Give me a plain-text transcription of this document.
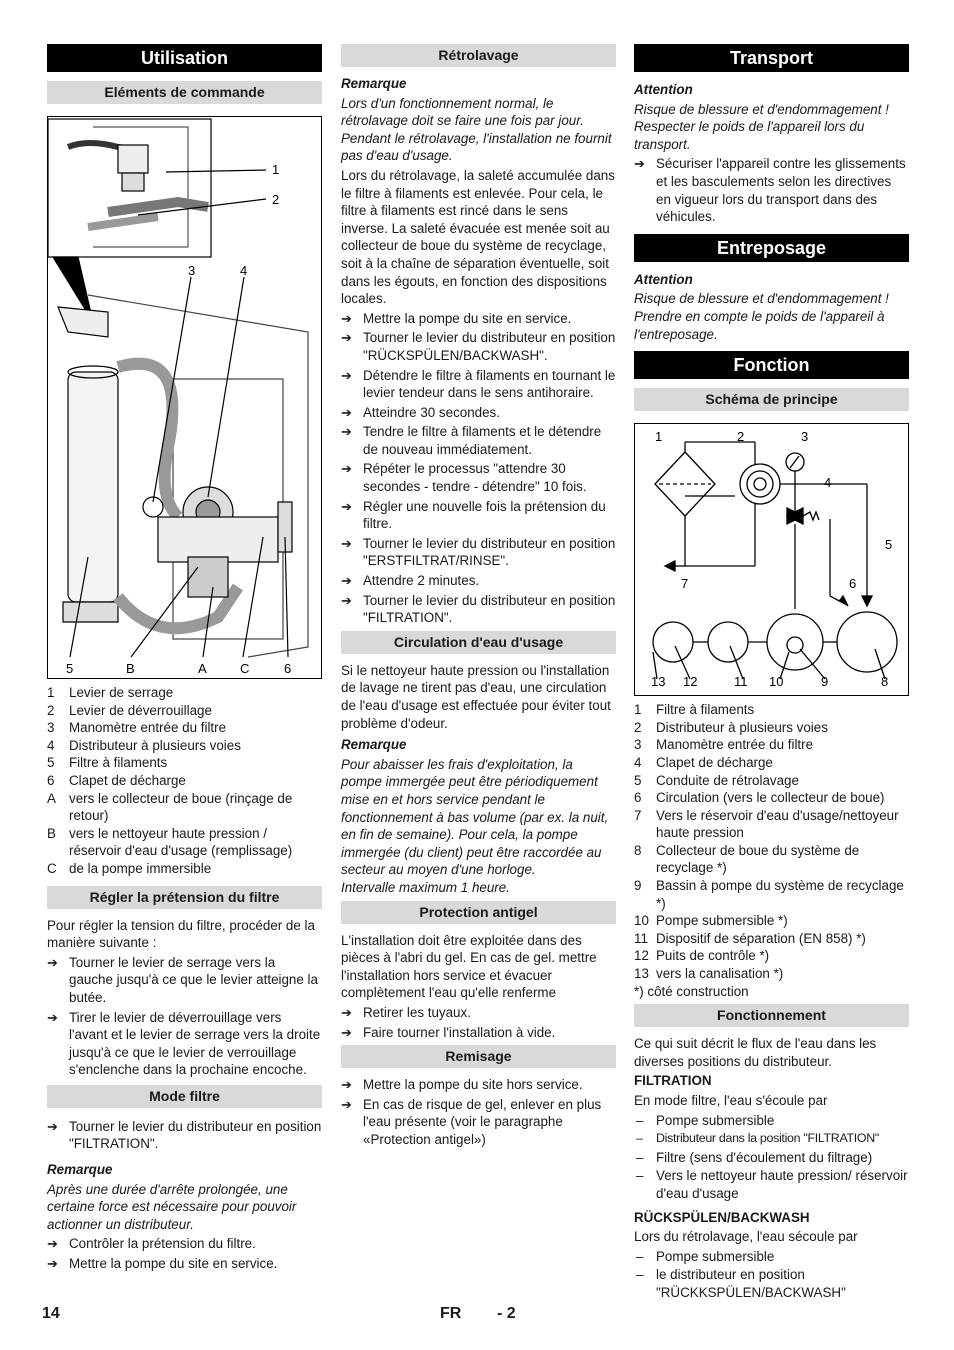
Utilisation
Eléments de commande
1
2
3	4
5	B	A	C	6
1 Levier de serrage
2 Levier de déverrouillage
3 Manomètre entrée du filtre
4 Distributeur à plusieurs voies
5 Filtre à filaments
6 Clapet de décharge
A vers le collecteur de boue (rinçage de retour)
B vers le nettoyeur haute pression / réservoir d'eau d'usage (remplissage)
C de la pompe immersible
Régler la prétension du filtre

Pour régler la tension du filtre, procéder de la manière suivante :

➔ Tourner le levier de serrage vers la gauche jusqu'à ce que le levier atteigne la butée.
➔ Tirer le levier de déverrouillage vers l'avant et le levier de serrage vers la droite jusqu'à ce que le levier de verrouillage s'enclenche dans la prochaine encoche.
Mode filtre
➔ Tourner le levier du distributeur en position "FILTRATION".

Remarque

Après une durée d'arrête prolongée, une certaine force est nécessaire pour pouvoir actionner un distributeur.

➔ Contrôler la prétension du filtre.
➔ Mettre la pompe du site en service.
Rétrolavage

Remarque

Lors d'un fonctionnement normal, le rétrolavage doit se faire une fois par jour. Pendant le rétrolavage, l'installation ne fournit pas d'eau d'usage.

Lors du rétrolavage, la saleté accumulée dans le filtre à filaments est enlevée. Pour cela, le filtre à filaments est rincé dans le sens inverse. La saleté évacuée est menée soit au collecteur de boue du système de recyclage, soit à la chaîne de séparation éventuelle, soit dans les égouts, en fonction des dispositions locales.

➔ Mettre la pompe du site en service.
➔ Tourner le levier du distributeur en position "RÜCKSPÜLEN/BACKWASH".
➔ Détendre le filtre à filaments en tournant le levier tendeur dans le sens antihoraire.
➔ Atteindre 30 secondes.
➔ Tendre le filtre à filaments et le détendre de nouveau immédiatement.
➔ Répéter le processus "attendre 30 secondes - tendre - détendre" 10 fois.
➔ Régler une nouvelle fois la prétension du filtre.
➔ Tourner le levier du distributeur en position "ERSTFILTRAT/RINSE".
➔ Attendre 2 minutes.
➔ Tourner le levier du distributeur en position "FILTRATION".
Circulation d'eau d'usage

Si le nettoyeur haute pression ou l'installation de lavage ne tirent pas d'eau, une circulation de l'eau d'usage est effectuée pour éviter tout problème d'odeur.

Remarque

Pour abaisser les frais d'exploitation, la pompe immergée peut être périodiquement mise en et hors service pendant le fonctionnement à bas volume (par ex. la nuit, en fin de semaine). Pour cela, la pompe immergée (du client) peut être raccordée au secteur au moyen d'une horloge.

Intervalle maximum 1 heure.

Protection antigel

L'installation doit être exploitée dans des pièces à l'abri du gel. En cas de gel. mettre l'installation hors service et évacuer complètement l'eau qu'elle renferme

➔ Retirer les tuyaux.
➔ Faire tourner l'installation à vide.
Remisage
➔ Mettre la pompe du site hors service.
➔ En cas de risque de gel, enlever en plus l'eau présente (voir le paragraphe «Protection antigel»)
Transport

Attention

Risque de blessure et d'endommagement ! Respecter le poids de l'appareil lors du transport.

➔ Sécuriser l'appareil contre les glissements et les basculements selon les directives en vigueur lors du transport dans des véhicules.
Entreposage

Attention

Risque de blessure et d'endommagement ! Prendre en compte le poids de l'appareil à l'entreposage.

Fonction
Schéma de principe
1	2	3
4
5
6
7
13 12	11 10	9	8
1 Filtre à filaments
2 Distributeur à plusieurs voies
3 Manomètre entrée du filtre
4 Clapet de décharge
5 Conduite de rétrolavage
6 Circulation (vers le collecteur de boue)
7 Vers le réservoir d'eau d'usage/nettoyeur haute pression
8 Collecteur de boue du système de recyclage *)
9 Bassin à pompe du système de recyclage *)
10 Pompe submersible *)
11 Dispositif de séparation (EN 858) *)
12 Puits de contrôle *)
13 vers la canalisation *)

*) côté construction

Fonctionnement

Ce qui suit décrit le flux de l'eau dans les diverses positions du distributeur.

FILTRATION

En mode filtre, l'eau s'écoule par

– Pompe submersible
– Distributeur dans la position "FILTRATION"
– Filtre (sens d'écoulement du filtrage)
– Vers le nettoyeur haute pression/ réservoir d'eau d'usage

RÜCKSPÜLEN/BACKWASH

Lors du rétrolavage, l'eau sécoule par

– Pompe submersible
– le distributeur en position "RÜCKKSPÜLEN/BACKWASH"
14	FR - 2
